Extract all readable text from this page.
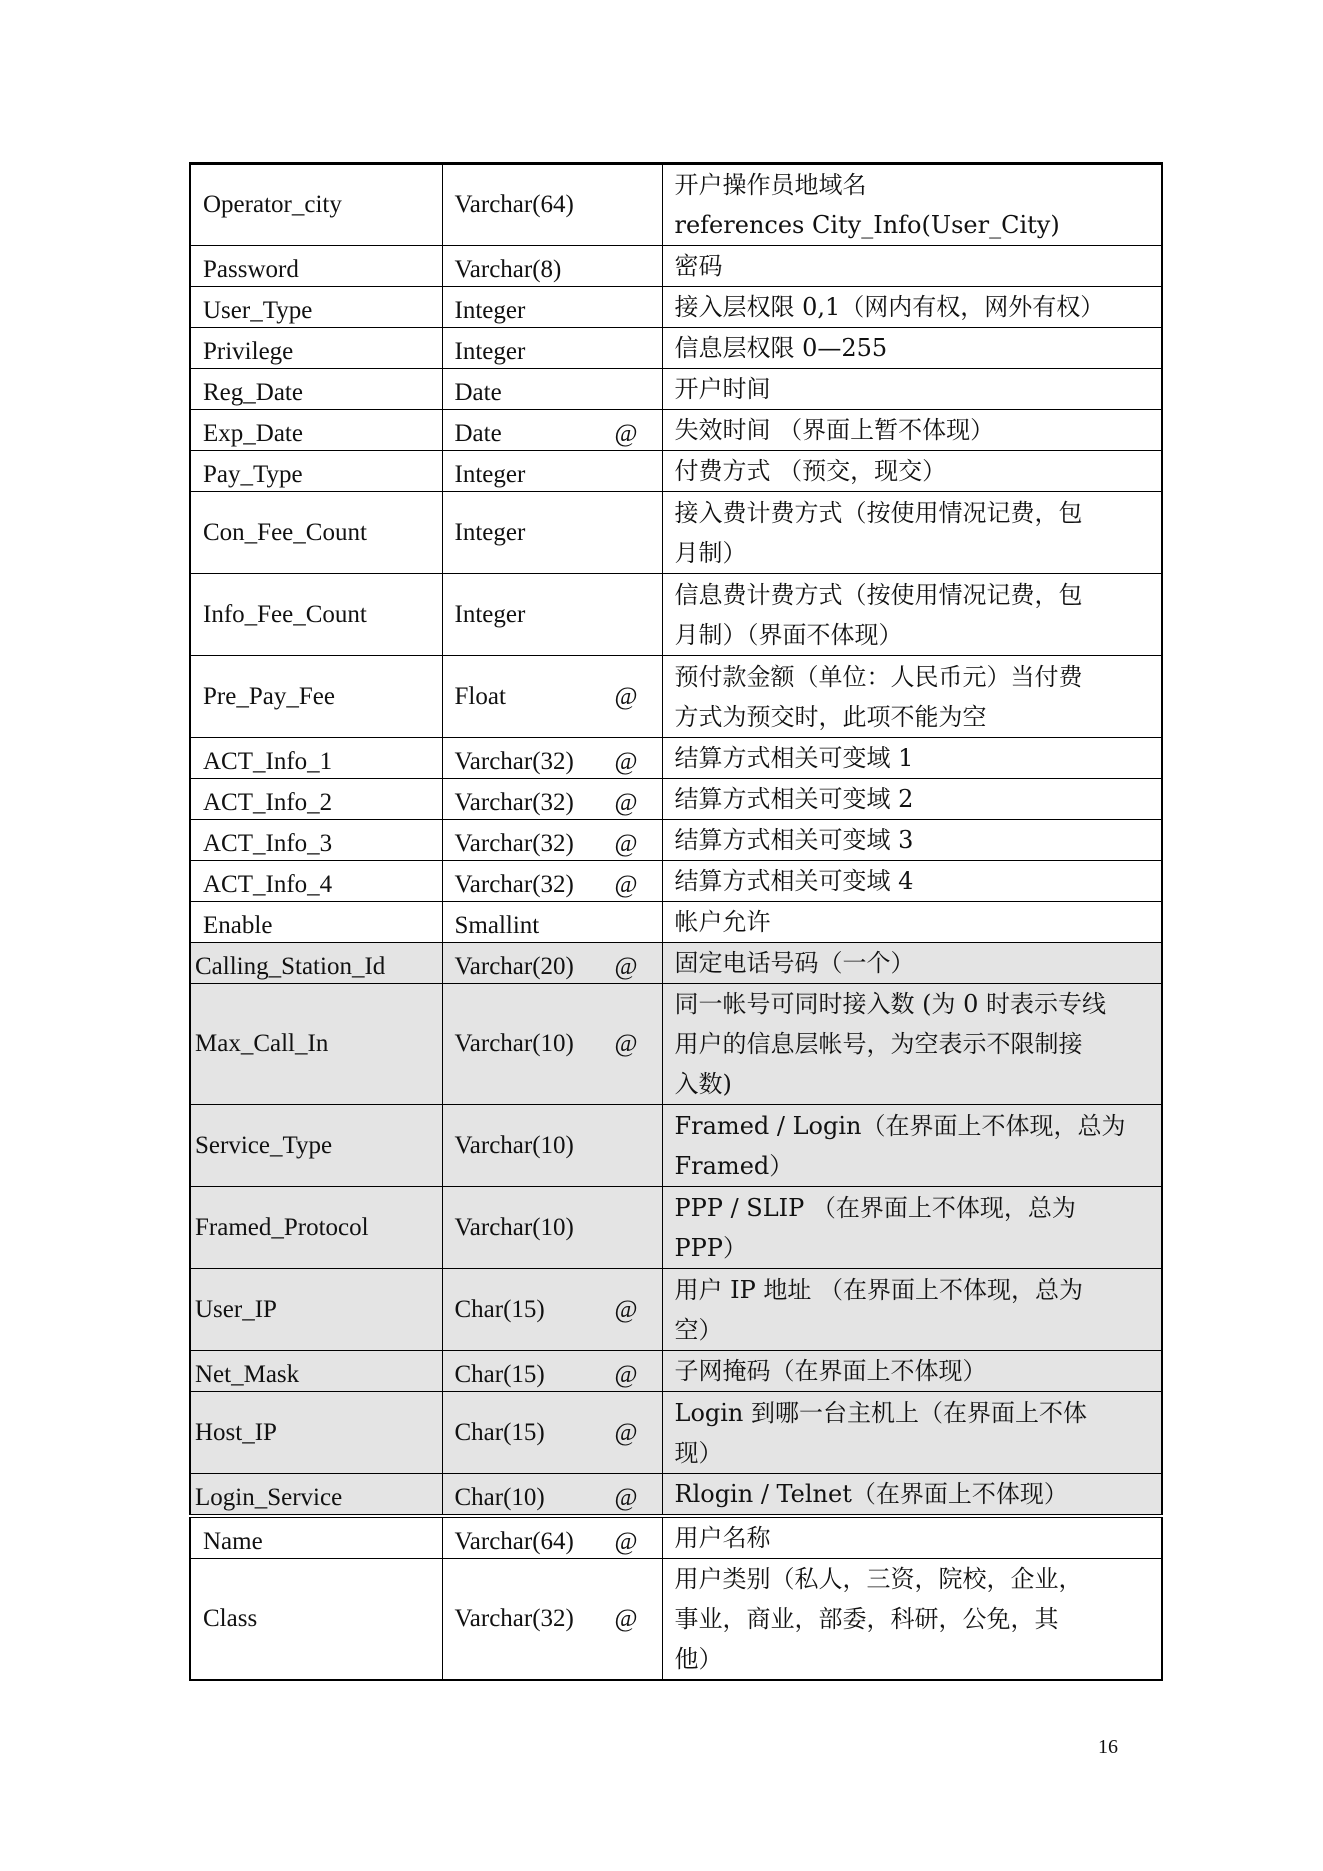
Operator_city	Varchar(64)	开户操作员地域名
references City_Info(User_City)
Password	Varchar(8)	密码
User_Type	Integer	接入层权限 0,1（网内有权，网外有权）
Privilege	Integer	信息层权限 0—255
Reg_Date	Date	开户时间
Exp_Date	Date @	失效时间 （界面上暂不体现）
Pay_Type	Integer	付费方式 （预交，现交）
Con_Fee_Count	Integer	接入费计费方式（按使用情况记费，包
月制）
Info_Fee_Count	Integer	信息费计费方式（按使用情况记费，包
月制）（界面不体现）
Pre_Pay_Fee	Float @	预付款金额（单位：人民币元）当付费
方式为预交时，此项不能为空
ACT_Info_1	Varchar(32) @	结算方式相关可变域 1
ACT_Info_2	Varchar(32) @	结算方式相关可变域 2
ACT_Info_3	Varchar(32) @	结算方式相关可变域 3
ACT_Info_4	Varchar(32) @	结算方式相关可变域 4
Enable	Smallint	帐户允许
Calling_Station_Id	Varchar(20) @	固定电话号码（一个）
Max_Call_In	Varchar(10) @	同一帐号可同时接入数 (为 0 时表示专线
用户的信息层帐号，为空表示不限制接
入数)
Service_Type	Varchar(10)	Framed / Login（在界面上不体现，总为
Framed）
Framed_Protocol	Varchar(10)	PPP / SLIP （在界面上不体现，总为
PPP）
User_IP	Char(15) @	用户 IP 地址 （在界面上不体现，总为
空）
Net_Mask	Char(15) @	子网掩码（在界面上不体现）
Host_IP	Char(15) @	Login 到哪一台主机上（在界面上不体
现）
Login_Service	Char(10) @	Rlogin / Telnet（在界面上不体现）
Name	Varchar(64) @	用户名称
Class	Varchar(32) @	用户类别（私人，三资，院校，企业，
事业，商业，部委，科研，公免，其
他）
16
